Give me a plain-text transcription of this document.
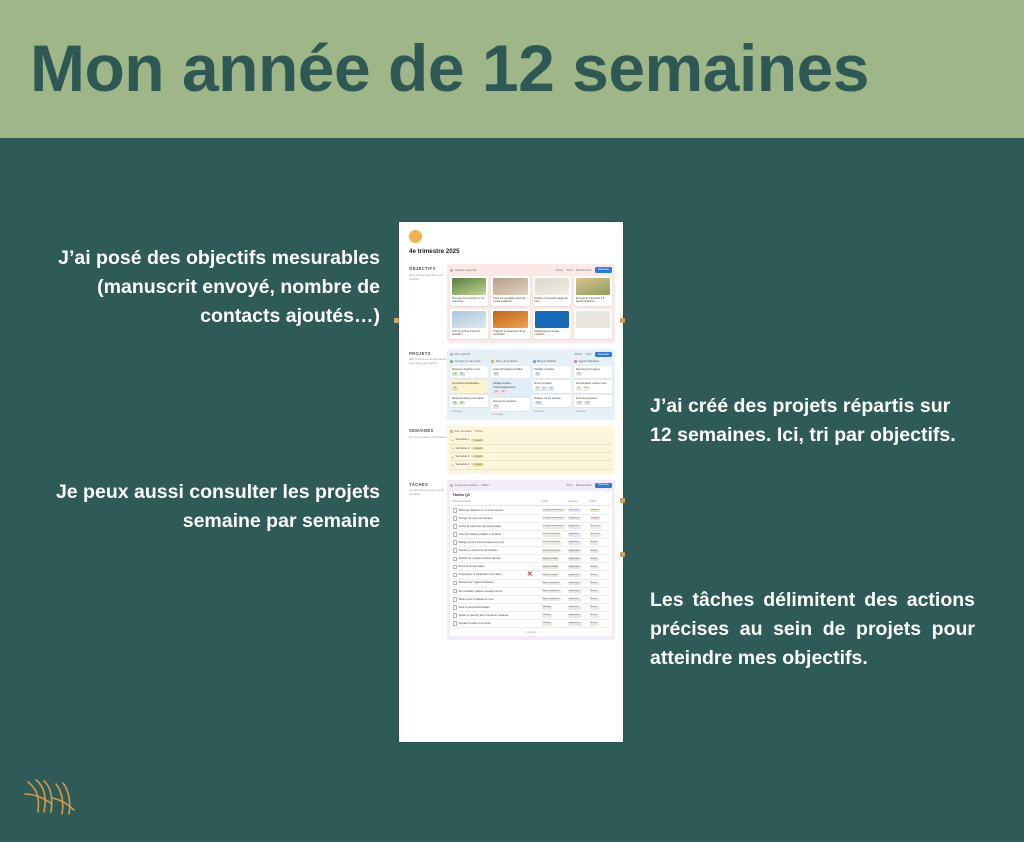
Mon année de 12 semaines
J’ai posé des objectifs mesurables (manuscrit envoyé, nombre de contacts ajoutés…)
Je peux aussi consulter les projets semaine par semaine
J’ai créé des projets répartis sur 12 semaines. Ici, tri par objectifs.
Les tâches délimitent des actions précises au sein de projets pour atteindre mes objectifs.
4e trimestre 2025
OBJECTIFS
Mes grands objectifs de fin d’année
Galerie objectifs	Filtrer Trier Rechercher	Nouveau
Terminer la correction du 2e manuscrit
Faire 10 nouvelles prises de contact éditeurs
Publier 4 nouvelles pages de blog
Envoyer le manuscrit à 5 agents littéraires
Tenir le rythme d’écriture quotidien
Préparer le lancement de la newsletter
Développer le réseau LinkedIn
PROJETS
Mes projets sur 12 semaines, regroupés par objectif
Par objectif	Filtrer Trier	Nouveau
Corriger le manuscrit
Relecture chapitres 1 à 6
S1 S2
Corrections structurelles
S3
Relecture finale à voix haute
S4 S5
+ Nouveau
Prise de contacts
Lister 20 maisons d’édition
S2
Rédiger la lettre d’accompagnement
S3 S4
Envoyer les dossiers
S6
+ Nouveau
Blog & visibilité
Planifier 4 articles
S1
Écrire et publier
S5 S7 S9
Relayer sur les réseaux
S10
+ Nouveau
Agents littéraires
Sélectionner 5 agents
S8
Personnaliser chaque envoi
S9 S10
Suivi des réponses
S11 S12
+ Nouveau
SEMAINES
Les 12 semaines du trimestre
Par semaine Filtrer
▸ Semaine 1	3 projets
▸ Semaine 2	4 projets
▸ Semaine 3	2 projets
▸ Semaine 4	3 projets
TÂCHES
Les actions concrètes de la semaine
Toutes les tâches Filtrer	Trier Rechercher	Nouveau
Tâches Q4
Nom de la tâche	Projet	Semaine	Statut
Relire les chapitres 1 et 2 à tête reposée	Corriger le manuscrit	Semaine 1	Terminé
Corriger les notes de relecture	Corriger le manuscrit	Semaine 1	Terminé
Vérifier la cohérence des personnages	Corriger le manuscrit	Semaine 2	En cours
Lister 20 maisons d’édition à contacter	Prise de contacts	Semaine 2	En cours
Rédiger la lettre d’accompagnement type	Prise de contacts	Semaine 3	À faire
Préparer le dossier de présentation	Prise de contacts	Semaine 3	À faire
Planifier les 4 sujets d’articles de blog	Blog & visibilité	Semaine 4	À faire
Écrire le premier article	Blog & visibilité	Semaine 4	À faire
Programmer la publication et les relais	Blog & visibilité	Semaine 5	À faire
Sélectionner 5 agents littéraires	Agents littéraires	Semaine 6	À faire
Personnaliser chaque message d’envoi	Agents littéraires	Semaine 6	À faire
Mettre à jour le tableau de suivi	Agents littéraires	Semaine 7	À faire
Faire le point hebdomadaire	Pilotage	Semaine 7	À faire
Ajuster le planning des 5 semaines restantes	Pilotage	Semaine 8	À faire
Préparer le bilan du trimestre	Pilotage	Semaine 12	À faire
+ Nouvelle
✕
